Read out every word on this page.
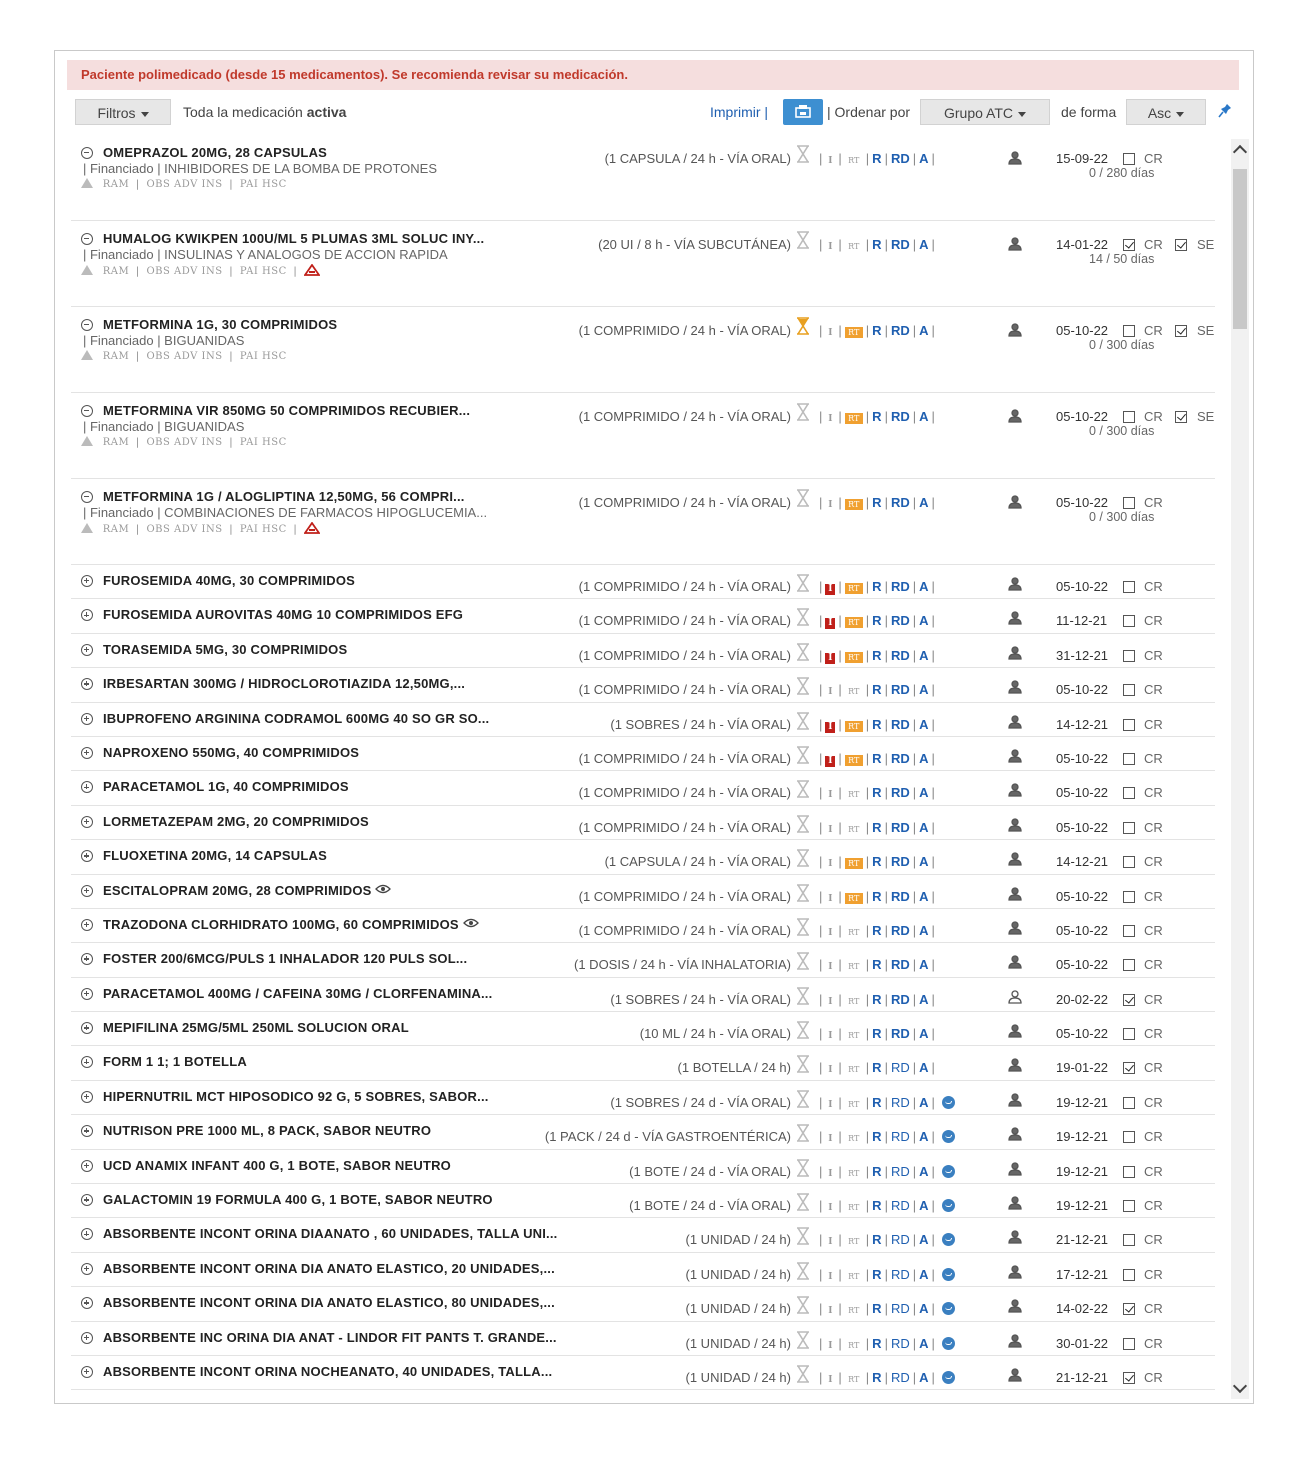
Paciente polimedicado (desde 15 medicamentos). Se recomienda revisar su medicación.
Filtros	Toda la medicación activa	Imprimir |	| Ordenar por	Grupo ATC	de forma	Asc
OMEPRAZOL 20MG, 28 CAPSULAS
| Financiado | INHIBIDORES DE LA BOMBA DE PROTONES
RAM | OBS ADV INS | PAI HSC
(1 CAPSULA / 24 h - VÍA ORAL) | I | RT | R | RD | A |	15-09-22
0 / 280 días
CR
HUMALOG KWIKPEN 100U/ML 5 PLUMAS 3ML SOLUC INY...
| Financiado | INSULINAS Y ANALOGOS DE ACCION RAPIDA
RAM | OBS ADV INS | PAI HSC |
(20 UI / 8 h - VÍA SUBCUTÁNEA) | I | RT | R | RD | A |	14-01-22
14 / 50 días
CR	SE
METFORMINA 1G, 30 COMPRIMIDOS
| Financiado | BIGUANIDAS
RAM | OBS ADV INS | PAI HSC
(1 COMPRIMIDO / 24 h - VÍA ORAL) | I | RT | R | RD | A |	05-10-22
0 / 300 días
CR	SE
METFORMINA VIR 850MG 50 COMPRIMIDOS RECUBIER...
| Financiado | BIGUANIDAS
RAM | OBS ADV INS | PAI HSC
(1 COMPRIMIDO / 24 h - VÍA ORAL) | I | RT | R | RD | A |	05-10-22
0 / 300 días
CR	SE
METFORMINA 1G / ALOGLIPTINA 12,50MG, 56 COMPRI...
| Financiado | COMBINACIONES DE FARMACOS HIPOGLUCEMIA...
RAM | OBS ADV INS | PAI HSC |
(1 COMPRIMIDO / 24 h - VÍA ORAL) | I | RT | R | RD | A |	05-10-22
0 / 300 días
CR
FUROSEMIDA 40MG, 30 COMPRIMIDOS	(1 COMPRIMIDO / 24 h - VÍA ORAL) | I | RT | R | RD | A |	05-10-22	CR
FUROSEMIDA AUROVITAS 40MG 10 COMPRIMIDOS EFG	(1 COMPRIMIDO / 24 h - VÍA ORAL) | I | RT | R | RD | A |	11-12-21	CR
TORASEMIDA 5MG, 30 COMPRIMIDOS	(1 COMPRIMIDO / 24 h - VÍA ORAL) | I | RT | R | RD | A |	31-12-21	CR
IRBESARTAN 300MG / HIDROCLOROTIAZIDA 12,50MG,...	(1 COMPRIMIDO / 24 h - VÍA ORAL) | I | RT | R | RD | A |	05-10-22	CR
IBUPROFENO ARGININA CODRAMOL 600MG 40 SO GR SO...	(1 SOBRES / 24 h - VÍA ORAL) | I | RT | R | RD | A |	14-12-21	CR
NAPROXENO 550MG, 40 COMPRIMIDOS	(1 COMPRIMIDO / 24 h - VÍA ORAL) | I | RT | R | RD | A |	05-10-22	CR
PARACETAMOL 1G, 40 COMPRIMIDOS	(1 COMPRIMIDO / 24 h - VÍA ORAL) | I | RT | R | RD | A |	05-10-22	CR
LORMETAZEPAM 2MG, 20 COMPRIMIDOS	(1 COMPRIMIDO / 24 h - VÍA ORAL) | I | RT | R | RD | A |	05-10-22	CR
FLUOXETINA 20MG, 14 CAPSULAS	(1 CAPSULA / 24 h - VÍA ORAL) | I | RT | R | RD | A |	14-12-21	CR
ESCITALOPRAM 20MG, 28 COMPRIMIDOS	(1 COMPRIMIDO / 24 h - VÍA ORAL) | I | RT | R | RD | A |	05-10-22	CR
TRAZODONA CLORHIDRATO 100MG, 60 COMPRIMIDOS	(1 COMPRIMIDO / 24 h - VÍA ORAL) | I | RT | R | RD | A |	05-10-22	CR
FOSTER 200/6MCG/PULS 1 INHALADOR 120 PULS SOL...	(1 DOSIS / 24 h - VÍA INHALATORIA) | I | RT | R | RD | A |	05-10-22	CR
PARACETAMOL 400MG / CAFEINA 30MG / CLORFENAMINA...	(1 SOBRES / 24 h - VÍA ORAL) | I | RT | R | RD | A |	20-02-22	CR
MEPIFILINA 25MG/5ML 250ML SOLUCION ORAL	(10 ML / 24 h - VÍA ORAL) | I | RT | R | RD | A |	05-10-22	CR
FORM 1 1; 1 BOTELLA	(1 BOTELLA / 24 h) | I | RT | R | RD | A |	19-01-22	CR
HIPERNUTRIL MCT HIPOSODICO 92 G, 5 SOBRES, SABOR...	(1 SOBRES / 24 d - VÍA ORAL) | I | RT | R | RD | A |	19-12-21	CR
NUTRISON PRE 1000 ML, 8 PACK, SABOR NEUTRO	(1 PACK / 24 d - VÍA GASTROENTÉRICA) | I | RT | R | RD | A |	19-12-21	CR
UCD ANAMIX INFANT 400 G, 1 BOTE, SABOR NEUTRO	(1 BOTE / 24 d - VÍA ORAL) | I | RT | R | RD | A |	19-12-21	CR
GALACTOMIN 19 FORMULA 400 G, 1 BOTE, SABOR NEUTRO	(1 BOTE / 24 d - VÍA ORAL) | I | RT | R | RD | A |	19-12-21	CR
ABSORBENTE INCONT ORINA DIAANATO , 60 UNIDADES, TALLA UNI...	(1 UNIDAD / 24 h) | I | RT | R | RD | A |	21-12-21	CR
ABSORBENTE INCONT ORINA DIA ANATO ELASTICO, 20 UNIDADES,...	(1 UNIDAD / 24 h) | I | RT | R | RD | A |	17-12-21	CR
ABSORBENTE INCONT ORINA DIA ANATO ELASTICO, 80 UNIDADES,...	(1 UNIDAD / 24 h) | I | RT | R | RD | A |	14-02-22	CR
ABSORBENTE INC ORINA DIA ANAT - LINDOR FIT PANTS T. GRANDE...	(1 UNIDAD / 24 h) | I | RT | R | RD | A |	30-01-22	CR
ABSORBENTE INCONT ORINA NOCHEANATO, 40 UNIDADES, TALLA...	(1 UNIDAD / 24 h) | I | RT | R | RD | A |	21-12-21	CR
